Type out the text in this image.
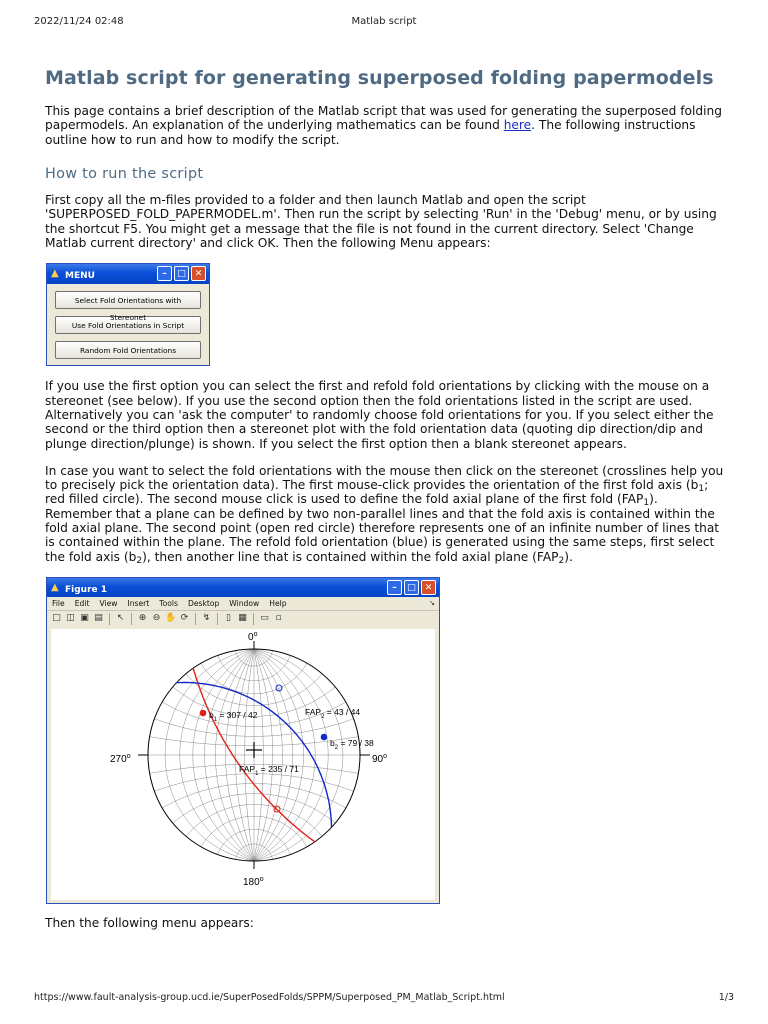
2022/11/24 02:48	Matlab script
Matlab script for generating superposed folding papermodels

This page contains a brief description of the Matlab script that was used for generating the superposed folding papermodels. An explanation of the underlying mathematics can be found here. The following instructions outline how to run and how to modify the script.

How to run the script

First copy all the m-files provided to a folder and then launch Matlab and open the script 'SUPERPOSED_FOLD_PAPERMODEL.m'. Then run the script by selecting 'Run' in the 'Debug' menu, or by using the shortcut F5. You might get a message that the file is not found in the current directory. Select 'Change Matlab current directory' and click OK. Then the following Menu appears:

▲ MENU	–	□ ✕
Select Fold Orientations with
Use Fold Orientations in Script
Random Fold Orientations

If you use the first option you can select the first and refold fold orientations by clicking with the mouse on a stereonet (see below). If you use the second option then the fold orientations listed in the script are used. Alternatively you can 'ask the computer' to randomly choose fold orientations for you. If you select either the second or the third option then a stereonet plot with the fold orientation data (quoting dip direction/dip and plunge direction/plunge) is shown. If you select the first option then a blank stereonet appears.

In case you want to select the fold orientations with the mouse then click on the stereonet (crosslines help you to precisely pick the orientation data). The first mouse-click provides the orientation of the first fold axis ($b_1$; red filled circle). The second mouse click is used to define the fold axial plane of the first fold $(FAP_1)$. Remember that a plane can be defined by two non-parallel lines and that the fold axis is contained within the fold axial plane. The second point (open red circle) therefore represents one of an infinite number of lines that is contained within the plane. The refold fold orientation (blue) is generated using the same steps, first select the fold axis $(b_2)$, then another line that is contained within the fold axial plane $(FAP_2)$.

▲ Figure 1	–	□ ✕
File Edit View Insert Tools Desktop Window Help	↘
□ ◫ ▣ ▤ ↖ ⊕ ⊖ ✋ ⟳ ↯	▯ ▦ ▭ ▫
0$^o$
90$^o$
180$^o$
270$^o$
$b_1 = 307 / 42$
$b_2 = 79 / 38$
$FAP_1 = 235 / 71$
$FAP_2 = 43 / 44$

Then the following menu appears:

https://www.fault-analysis-group.ucd.ie/SuperPosedFolds/SPPM/Superposed_PM_Matlab_Script.html	1/3
